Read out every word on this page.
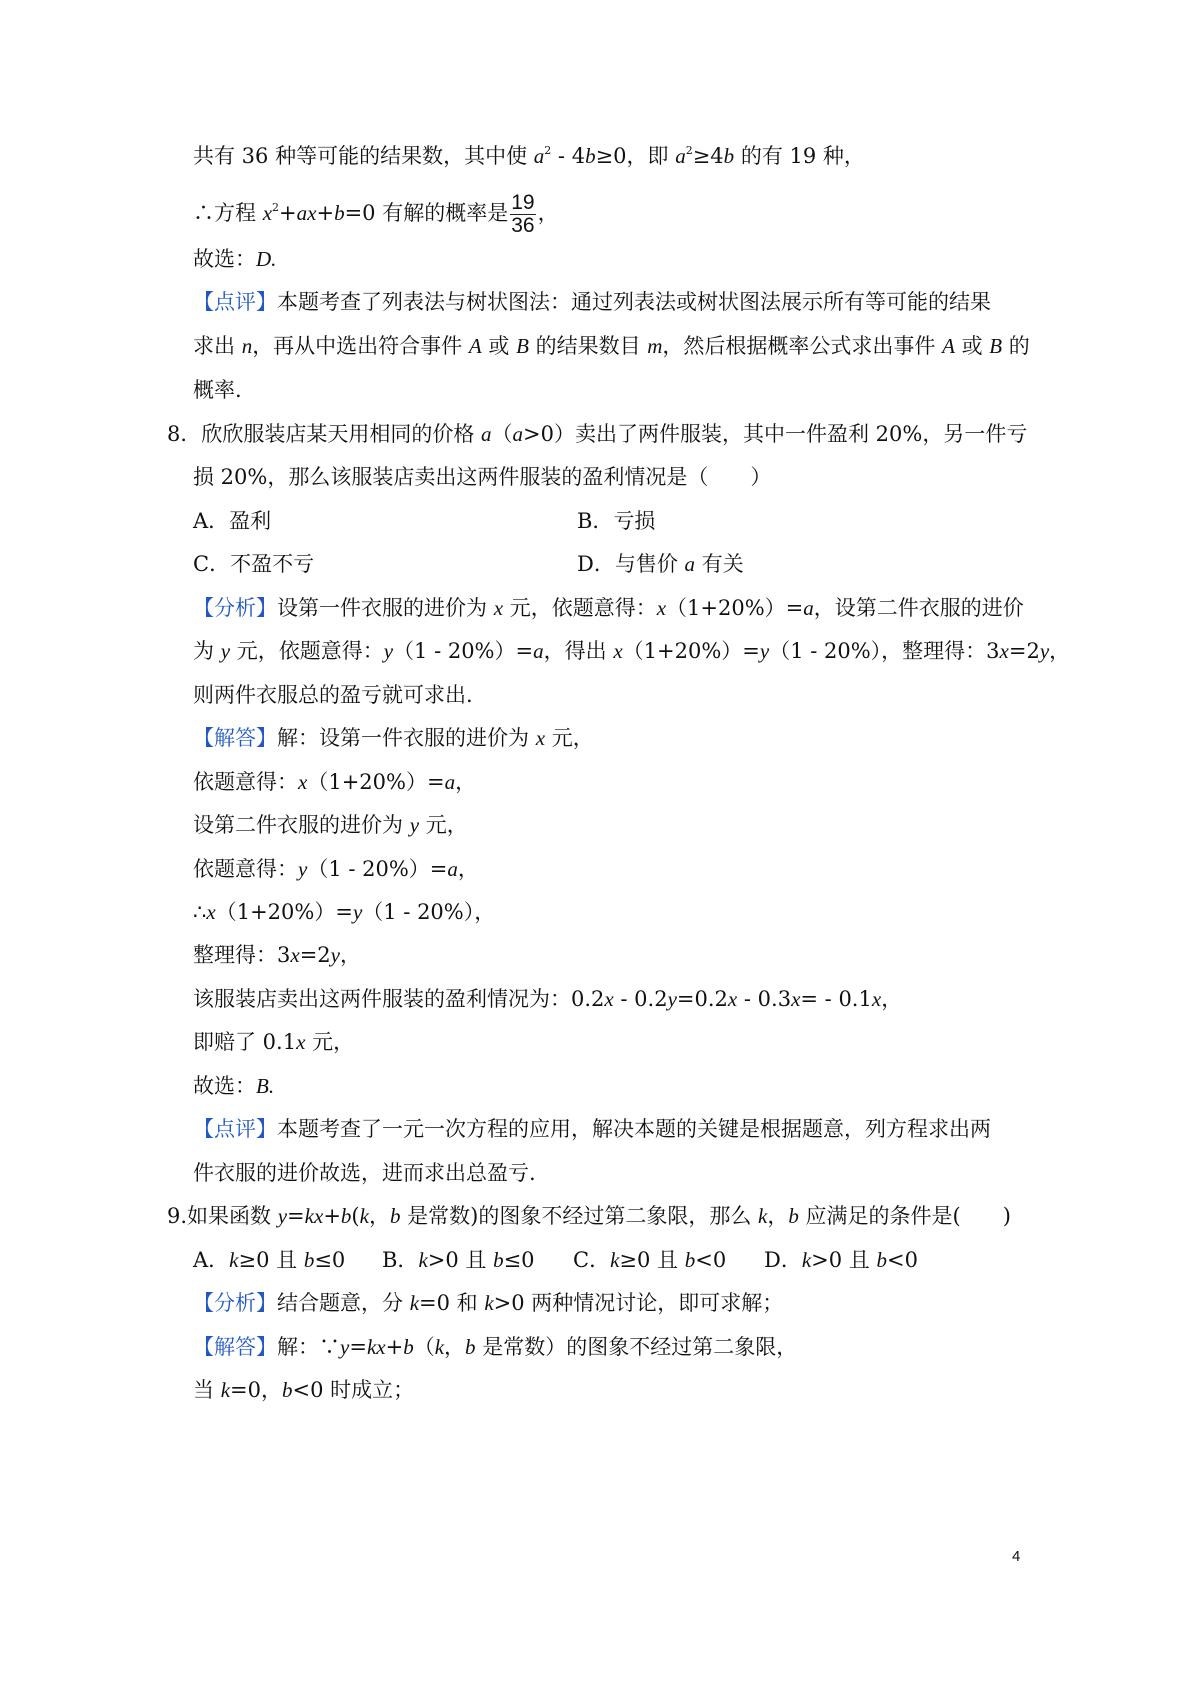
共有 36 种等可能的结果数，其中使 $a^2 - 4b\ge 0$，即 $a^2\ge 4b$ 的有 19 种，
∴方程 $x^2+ax+b=0$ 有解的概率是 $\frac{19}{36}$ ，
故选：D.
【点评】本题考查了列表法与树状图法：通过列表法或树状图法展示所有等可能的结果
求出 n，再从中选出符合事件 A 或 B 的结果数目 m，然后根据概率公式求出事件 A 或 B 的
概率.
8．欣欣服装店某天用相同的价格 a（a>0）卖出了两件服装，其中一件盈利 20%，另一件亏
损 20%，那么该服装店卖出这两件服装的盈利情况是（　　）
A．盈利	B．亏损
C．不盈不亏	D．与售价 a 有关
【分析】设第一件衣服的进价为 x 元，依题意得：x（1+20%）=a，设第二件衣服的进价
为 y 元，依题意得：y（1 - 20%）=a，得出 x（1+20%）=y（1 - 20%），整理得：3x=2y，
则两件衣服总的盈亏就可求出.
【解答】解：设第一件衣服的进价为 x 元，
依题意得：x（1+20%）=a，
设第二件衣服的进价为 y 元，
依题意得：y（1 - 20%）=a，
∴x（1+20%）=y（1 - 20%），
整理得：3x=2y，
该服装店卖出这两件服装的盈利情况为：0.2x - 0.2y=0.2x - 0.3x= - 0.1x，
即赔了 0.1x 元，
故选：B.
【点评】本题考查了一元一次方程的应用，解决本题的关键是根据题意，列方程求出两
件衣服的进价故选，进而求出总盈亏.
9.如果函数 y=kx+b(k，b 是常数)的图象不经过第二象限，那么 k，b 应满足的条件是(　　)
A．k≥0 且 b≤0 B．k>0 且 b≤0 C．k≥0 且 b<0 D．k>0 且 b<0
【分析】结合题意，分 k=0 和 k>0 两种情况讨论，即可求解；
【解答】解：∵y=kx+b（k，b 是常数）的图象不经过第二象限，
当 k=0，b<0 时成立；
4
